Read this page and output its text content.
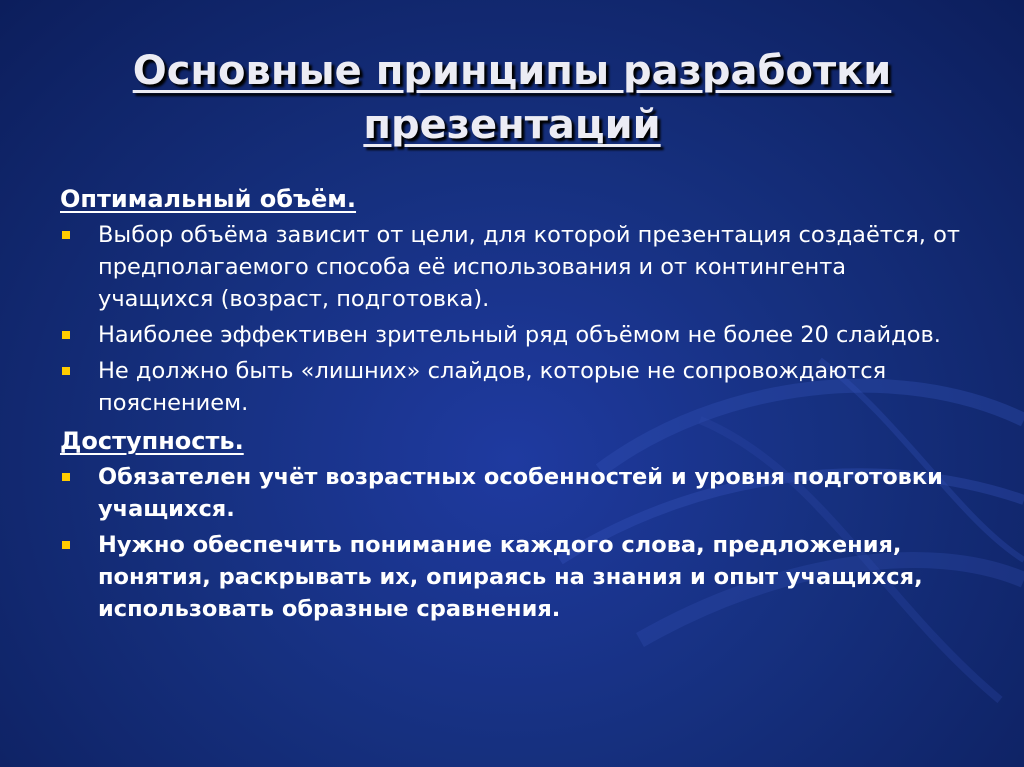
Основные принципы разработки презентаций
Оптимальный объём.
Выбор объёма зависит от цели, для которой презентация создаётся, от предполагаемого способа её использования и от контингента учащихся (возраст, подготовка).
Наиболее эффективен зрительный ряд объёмом не более 20 слайдов.
Не должно быть «лишних» слайдов, которые не сопровождаются пояснением.
Доступность.
Обязателен учёт возрастных особенностей и уровня подготовки учащихся.
Нужно обеспечить понимание каждого слова, предложения, понятия, раскрывать их, опираясь на знания и опыт учащихся, использовать образные сравнения.
